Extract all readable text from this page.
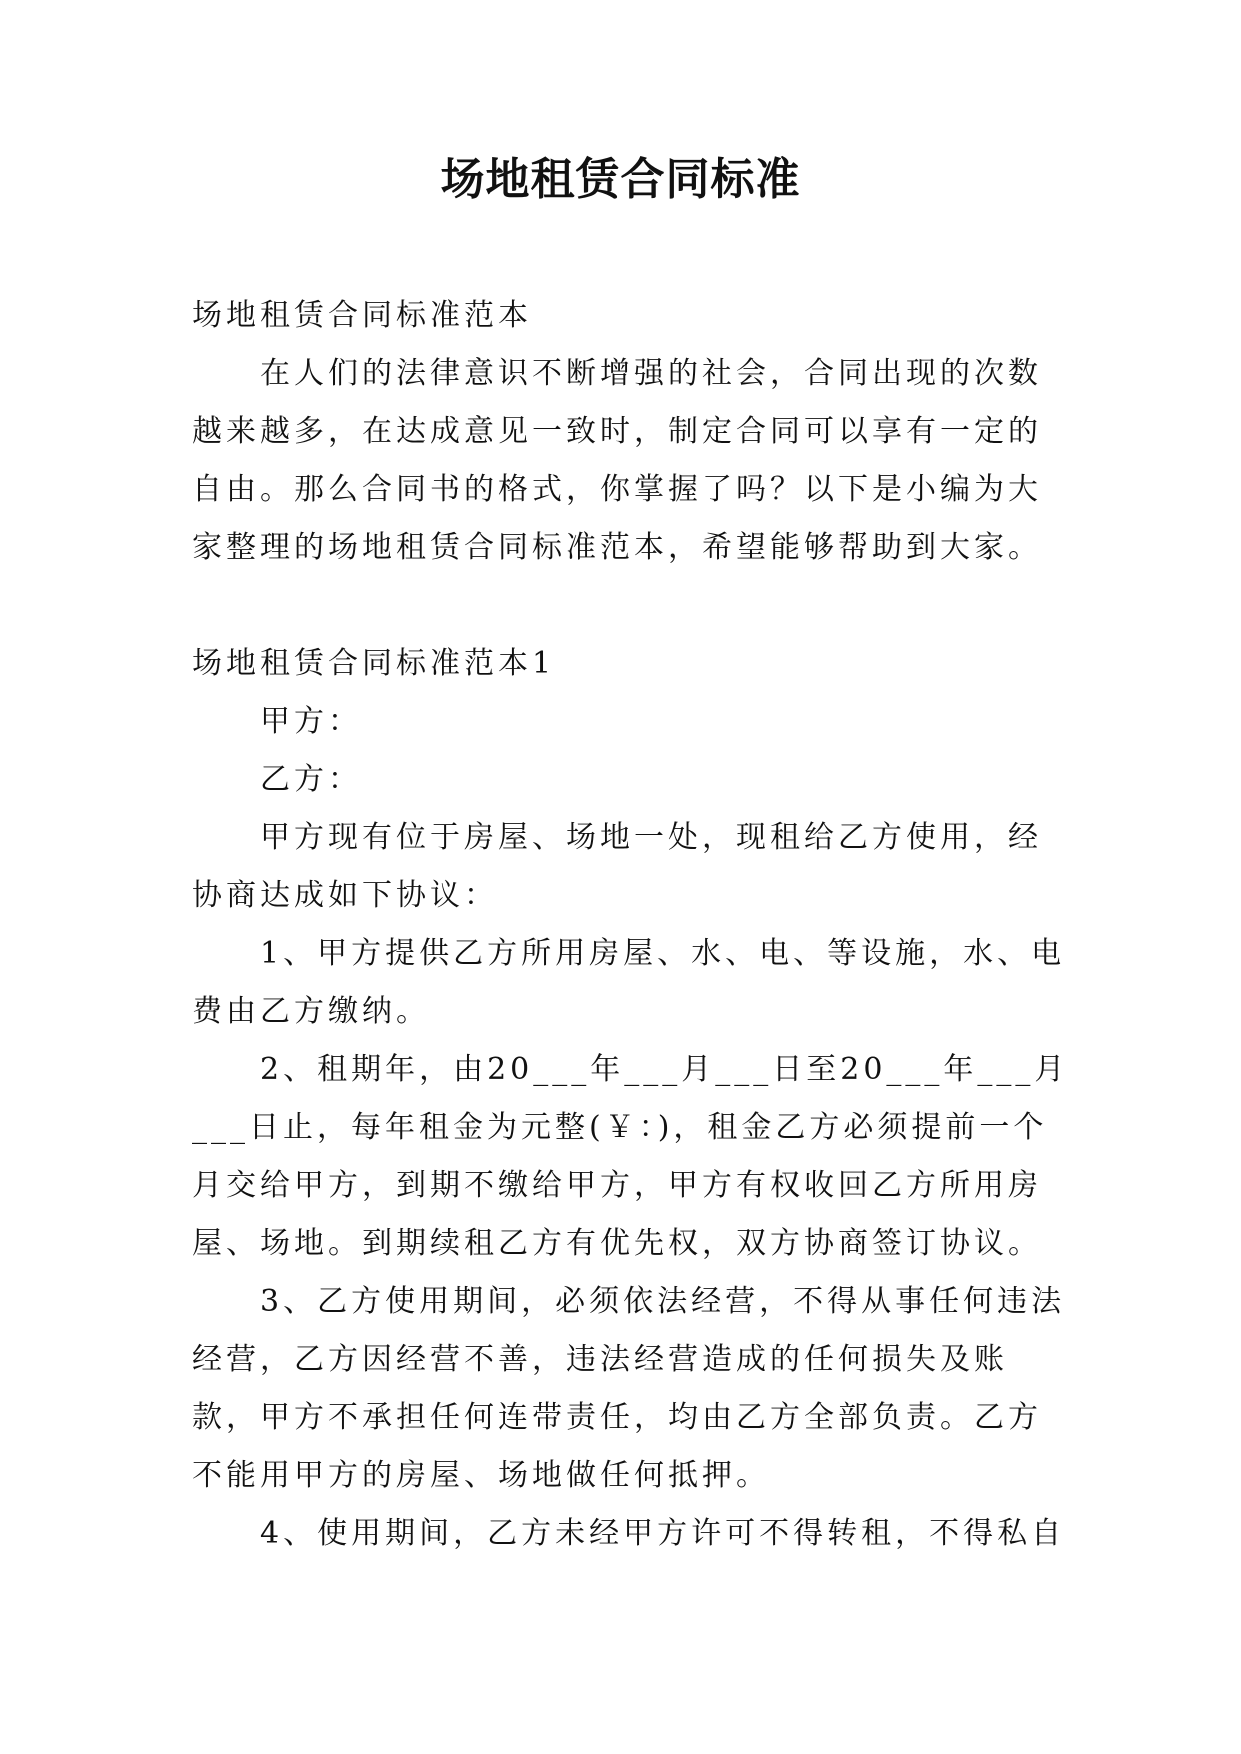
场地租赁合同标准

场地租赁合同标准范本

在人们的法律意识不断增强的社会，合同出现的次数越来越多，在达成意见一致时，制定合同可以享有一定的自由。那么合同书的格式，你掌握了吗？以下是小编为大家整理的场地租赁合同标准范本，希望能够帮助到大家。

场地租赁合同标准范本1

甲方：

乙方：

甲方现有位于房屋、场地一处，现租给乙方使用，经协商达成如下协议：

1、甲方提供乙方所用房屋、水、电、等设施，水、电费由乙方缴纳。

2、租期年，由20___年___月___日至20___年___月___日止，每年租金为元整(￥：)，租金乙方必须提前一个月交给甲方，到期不缴给甲方，甲方有权收回乙方所用房屋、场地。到期续租乙方有优先权，双方协商签订协议。

3、乙方使用期间，必须依法经营，不得从事任何违法经营，乙方因经营不善，违法经营造成的任何损失及账款，甲方不承担任何连带责任，均由乙方全部负责。乙方不能用甲方的房屋、场地做任何抵押。

4、使用期间，乙方未经甲方许可不得转租，不得私自
